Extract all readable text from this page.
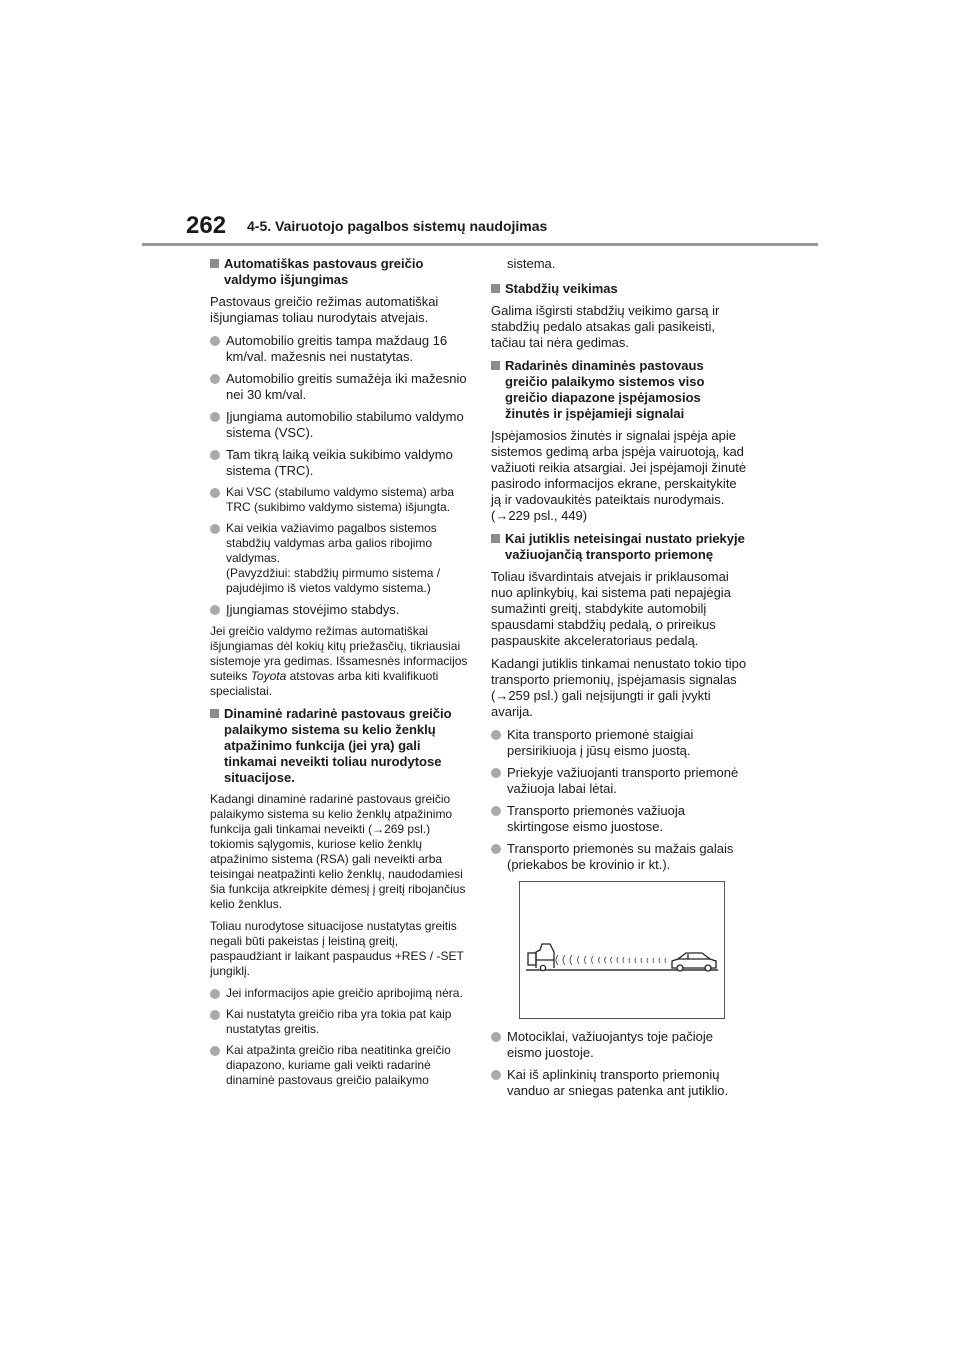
262 4-5. Vairuotojo pagalbos sistemų naudojimas
Automatiškas pastovaus greičio valdymo išjungimas
Pastovaus greičio režimas automatiškai išjungiamas toliau nurodytais atvejais.
Automobilio greitis tampa maždaug 16 km/val. mažesnis nei nustatytas.
Automobilio greitis sumažėja iki mažesnio nei 30 km/val.
Įjungiama automobilio stabilumo valdymo sistema (VSC).
Tam tikrą laiką veikia sukibimo valdymo sistema (TRC).
Kai VSC (stabilumo valdymo sistema) arba TRC (sukibimo valdymo sistema) išjungta.
Kai veikia važiavimo pagalbos sistemos stabdžių valdymas arba galios ribojimo valdymas.
(Pavyzdžiui: stabdžių pirmumo sistema / pajudėjimo iš vietos valdymo sistema.)
Įjungiamas stovėjimo stabdys.
Jei greičio valdymo režimas automatiškai išjungiamas dėl kokių kitų priežasčių, tikriausiai sistemoje yra gedimas. Išsamesnės informacijos suteiks Toyota atstovas arba kiti kvalifikuoti specialistai.
Dinaminė radarinė pastovaus greičio palaikymo sistema su kelio ženklų atpažinimo funkcija (jei yra) gali tinkamai neveikti toliau nurodytose situacijose.
Kadangi dinaminė radarinė pastovaus greičio palaikymo sistema su kelio ženklų atpažinimo funkcija gali tinkamai neveikti (→269 psl.) tokiomis sąlygomis, kuriose kelio ženklų atpažinimo sistema (RSA) gali neveikti arba teisingai neatpažinti kelio ženklų, naudodamiesi šia funkcija atkreipkite dėmesį į greitį ribojančius kelio ženklus.
Toliau nurodytose situacijose nustatytas greitis negali būti pakeistas į leistiną greitį, paspaudžiant ir laikant paspaudus +RES / -SET jungiklį.
Jei informacijos apie greičio apribojimą nėra.
Kai nustatyta greičio riba yra tokia pat kaip nustatytas greitis.
Kai atpažinta greičio riba neatitinka greičio diapazono, kuriame gali veikti radarinė dinaminė pastovaus greičio palaikymo
sistema.
Stabdžių veikimas
Galima išgirsti stabdžių veikimo garsą ir stabdžių pedalo atsakas gali pasikeisti, tačiau tai nėra gedimas.
Radarinės dinaminės pastovaus greičio palaikymo sistemos viso greičio diapazone įspėjamosios žinutės ir įspėjamieji signalai
Įspėjamosios žinutės ir signalai įspėja apie sistemos gedimą arba įspėja vairuotoją, kad važiuoti reikia atsargiai. Jei įspėjamoji žinutė pasirodo informacijos ekrane, perskaitykite ją ir vadovaukitės pateiktais nurodymais. (→229 psl., 449)
Kai jutiklis neteisingai nustato priekyje važiuojančią transporto priemonę
Toliau išvardintais atvejais ir priklausomai nuo aplinkybių, kai sistema pati nepajėgia sumažinti greitį, stabdykite automobilį spausdami stabdžių pedalą, o prireikus paspauskite akceleratoriaus pedalą.
Kadangi jutiklis tinkamai nenustato tokio tipo transporto priemonių, įspėjamasis signalas (→259 psl.) gali neįsijungti ir gali įvykti avarija.
Kita transporto priemonė staigiai persirikiuoja į jūsų eismo juostą.
Priekyje važiuojanti transporto priemonė važiuoja labai lėtai.
Transporto priemonės važiuoja skirtingose eismo juostose.
Transporto priemonės su mažais galais (priekabos be krovinio ir kt.).
Motociklai, važiuojantys toje pačioje eismo juostoje.
Kai iš aplinkinių transporto priemonių vanduo ar sniegas patenka ant jutiklio.
